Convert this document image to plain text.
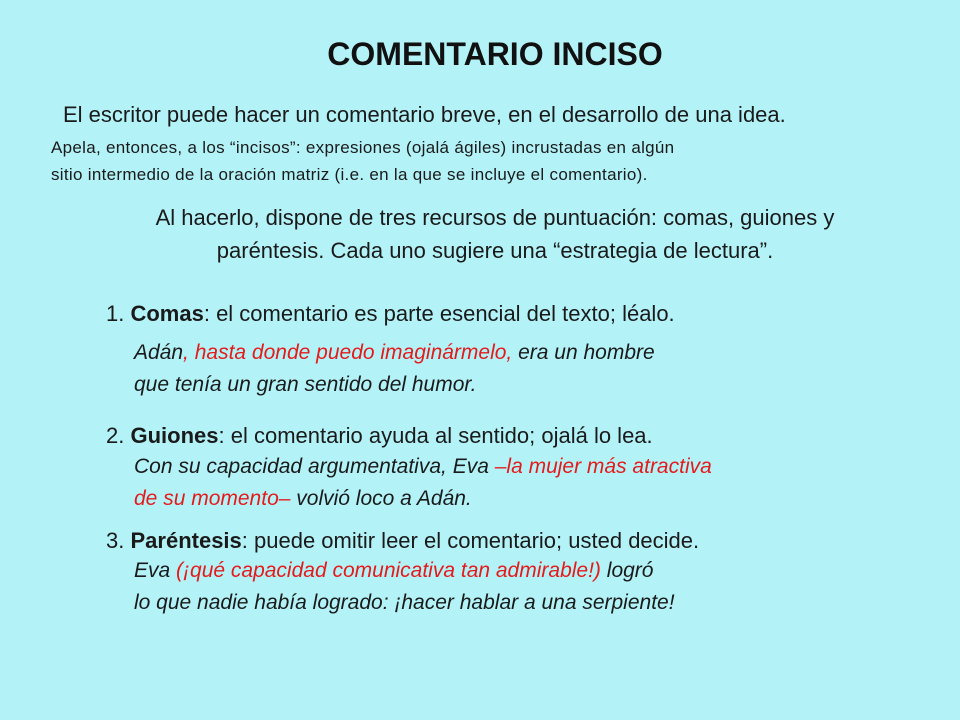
COMENTARIO INCISO
El escritor puede hacer un comentario breve, en el desarrollo de una idea.
Apela, entonces, a los “incisos”: expresiones (ojalá ágiles) incrustadas en algún
sitio intermedio de la oración matriz (i.e. en la que se incluye el comentario).
Al hacerlo, dispone de tres recursos de puntuación: comas, guiones y
paréntesis. Cada uno sugiere una “estrategia de lectura”.
1. Comas: el comentario es parte esencial del texto; léalo.
Adán, hasta donde puedo imaginármelo, era un hombre
que tenía un gran sentido del humor.
2. Guiones: el comentario ayuda al sentido; ojalá lo lea.
Con su capacidad argumentativa, Eva –la mujer más atractiva
de su momento– volvió loco a Adán.
3. Paréntesis: puede omitir leer el comentario; usted decide.
Eva (¡qué capacidad comunicativa tan admirable!) logró
lo que nadie había logrado: ¡hacer hablar a una serpiente!
